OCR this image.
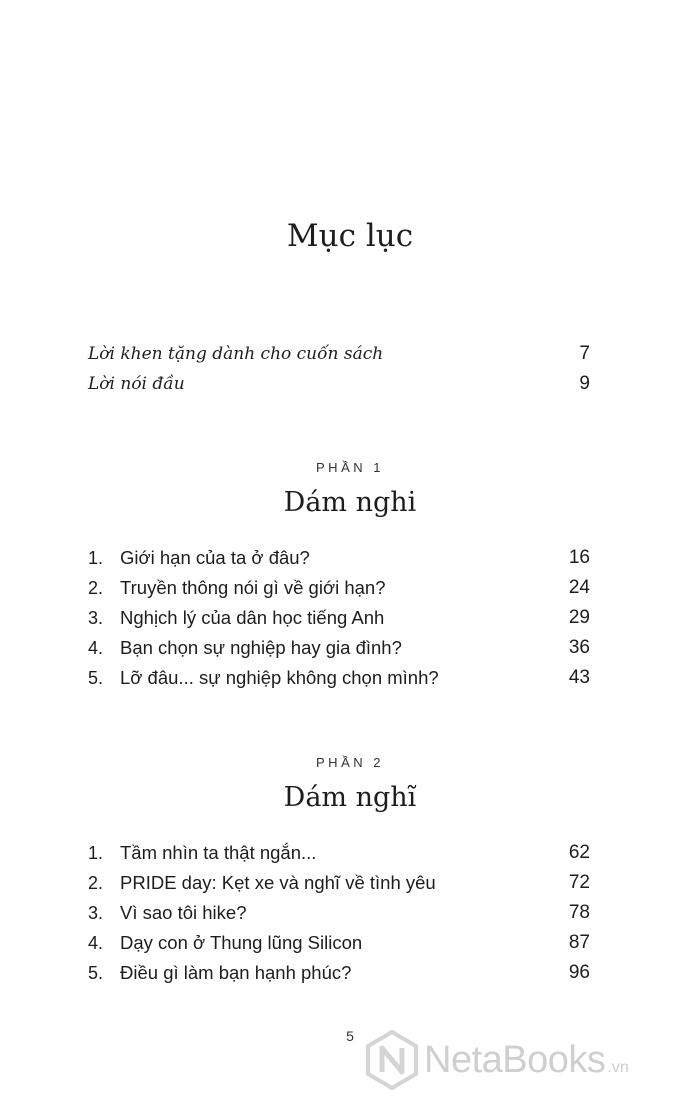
Mục lục
Lời khen tặng dành cho cuốn sách	7
Lời nói đầu	9
PHẦN 1
Dám nghi
1. Giới hạn của ta ở đâu?	16
2. Truyền thông nói gì về giới hạn?	24
3. Nghịch lý của dân học tiếng Anh	29
4. Bạn chọn sự nghiệp hay gia đình?	36
5. Lỡ đâu... sự nghiệp không chọn mình?	43
PHẦN 2
Dám nghĩ
1. Tầm nhìn ta thật ngắn...	62
2. PRIDE day: Kẹt xe và nghĩ về tình yêu	72
3. Vì sao tôi hike?	78
4. Dạy con ở Thung lũng Silicon	87
5. Điều gì làm bạn hạnh phúc?	96
5
NetaBooks .vn
